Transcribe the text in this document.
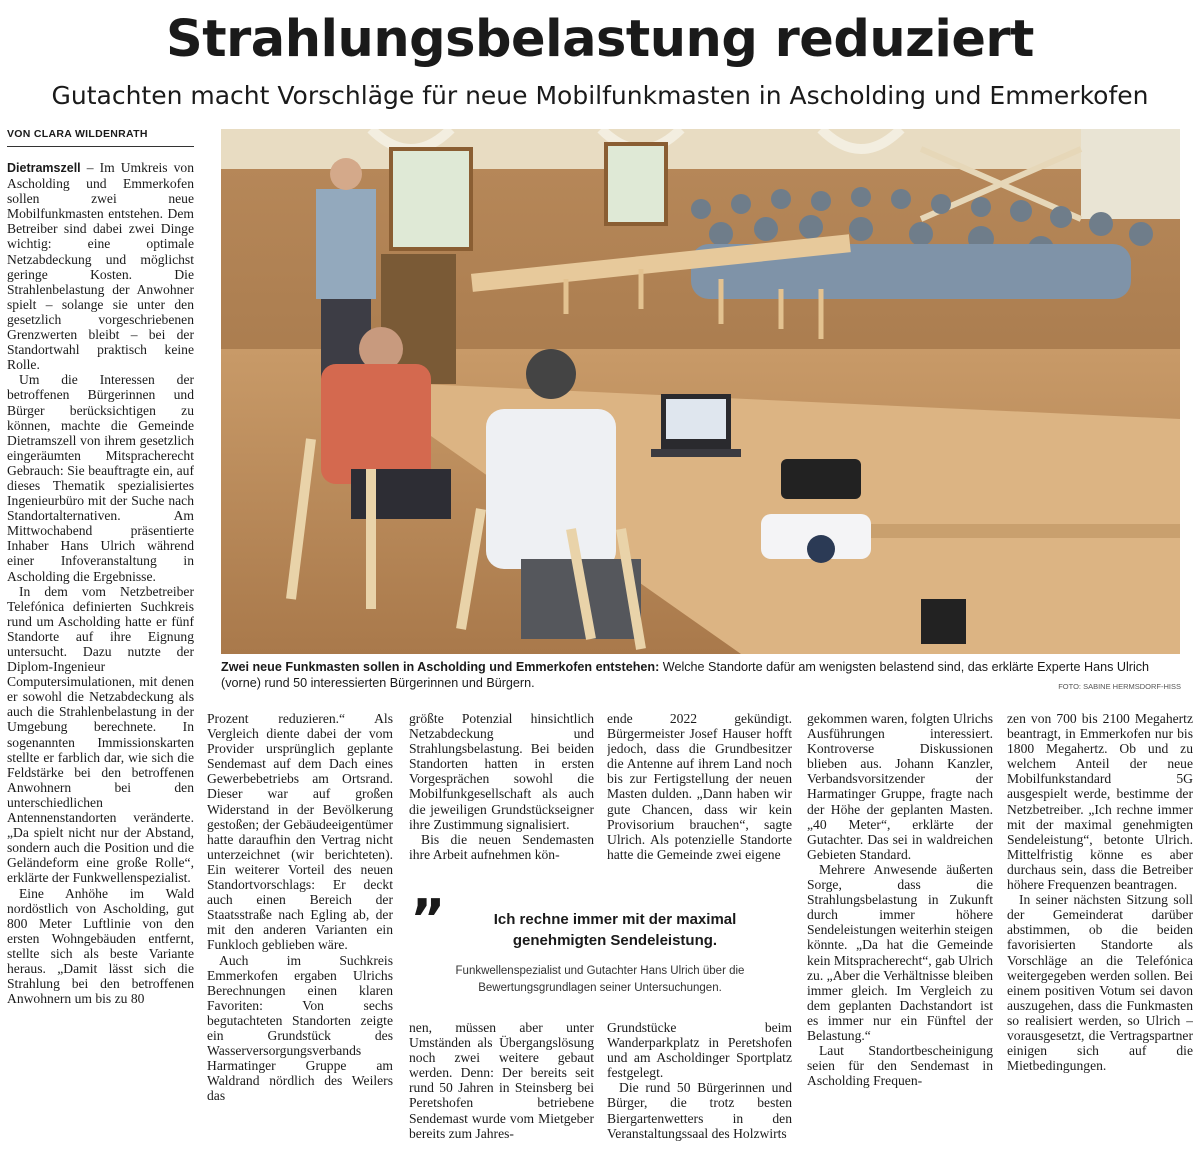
Strahlungsbelastung reduziert
Gutachten macht Vorschläge für neue Mobilfunkmasten in Ascholding und Emmerkofen
VON CLARA WILDENRATH

Dietramszell – Im Umkreis von Ascholding und Emmerkofen sollen zwei neue Mobilfunkmasten entstehen. Dem Betreiber sind dabei zwei Dinge wichtig: eine optimale Netzabdeckung und möglichst geringe Kosten. Die Strahlenbelastung der Anwohner spielt – solange sie unter den gesetzlich vorgeschriebenen Grenzwerten bleibt – bei der Standortwahl praktisch keine Rolle.

Um die Interessen der betroffenen Bürgerinnen und Bürger berücksichtigen zu können, machte die Gemeinde Dietramszell von ihrem gesetzlich eingeräumten Mitspracherecht Gebrauch: Sie beauftragte ein, auf dieses Thematik spezialisiertes Ingenieurbüro mit der Suche nach Standortalternativen. Am Mittwochabend präsentierte Inhaber Hans Ulrich während einer Infoveranstaltung in Ascholding die Ergebnisse.

In dem vom Netzbetreiber Telefónica definierten Suchkreis rund um Ascholding hatte er fünf Standorte auf ihre Eignung untersucht. Dazu nutzte der Diplom-Ingenieur Computersimulationen, mit denen er sowohl die Netzabdeckung als auch die Strahlenbelastung in der Umgebung berechnete. In sogenannten Immissionskarten stellte er farblich dar, wie sich die Feldstärke bei den betroffenen Anwohnern bei den unterschiedlichen Antennenstandorten veränderte. „Da spielt nicht nur der Abstand, sondern auch die Position und die Geländeform eine große Rolle“, erklärte der Funkwellenspezialist.

Eine Anhöhe im Wald nordöstlich von Ascholding, gut 800 Meter Luftlinie von den ersten Wohngebäuden entfernt, stellte sich als beste Variante heraus. „Damit lässt sich die Strahlung bei den betroffenen Anwohnern um bis zu 80

Zwei neue Funkmasten sollen in Ascholding und Emmerkofen entstehen: Welche Standorte dafür am wenigsten belastend sind, das erklärte Experte Hans Ulrich (vorne) rund 50 interessierten Bürgerinnen und Bürgern.	FOTO: SABINE HERMSDORF-HISS

Prozent reduzieren.“ Als Vergleich diente dabei der vom Provider ursprünglich geplante Sendemast auf dem Dach eines Gewerbebetriebs am Ortsrand. Dieser war auf großen Widerstand in der Bevölkerung gestoßen; der Gebäudeeigentümer hatte daraufhin den Vertrag nicht unterzeichnet (wir berichteten). Ein weiterer Vorteil des neuen Standortvorschlags: Er deckt auch einen Bereich der Staatsstraße nach Egling ab, der mit den anderen Varianten ein Funkloch geblieben wäre.

Auch im Suchkreis Emmerkofen ergaben Ulrichs Berechnungen einen klaren Favoriten: Von sechs begutachteten Standorten zeigte ein Grundstück des Wasserversorgungsverbands Harmatinger Gruppe am Waldrand nördlich des Weilers das

größte Potenzial hinsichtlich Netzabdeckung und Strahlungsbelastung. Bei beiden Standorten hatten in ersten Vorgesprächen sowohl die Mobilfunkgesellschaft als auch die jeweiligen Grundstückseigner ihre Zustimmung signalisiert.

Bis die neuen Sendemasten ihre Arbeit aufnehmen kön-

ende 2022 gekündigt. Bürgermeister Josef Hauser hofft jedoch, dass die Grundbesitzer die Antenne auf ihrem Land noch bis zur Fertigstellung der neuen Masten dulden. „Dann haben wir gute Chancen, dass wir kein Provisorium brauchen“, sagte Ulrich. Als potenzielle Standorte hatte die Gemeinde zwei eigene

”	Ich rechne immer mit der maximal genehmigten Sendeleistung.

Funkwellenspezialist und Gutachter Hans Ulrich über die Bewertungsgrundlagen seiner Untersuchungen.

nen, müssen aber unter Umständen als Übergangslösung noch zwei weitere gebaut werden. Denn: Der bereits seit rund 50 Jahren in Steinsberg bei Peretshofen betriebene Sendemast wurde vom Mietgeber bereits zum Jahres-

Grundstücke beim Wanderparkplatz in Peretshofen und am Ascholdinger Sportplatz festgelegt.

Die rund 50 Bürgerinnen und Bürger, die trotz besten Biergartenwetters in den Veranstaltungssaal des Holzwirts

gekommen waren, folgten Ulrichs Ausführungen interessiert. Kontroverse Diskussionen blieben aus. Johann Kanzler, Verbandsvorsitzender der Harmatinger Gruppe, fragte nach der Höhe der geplanten Masten. „40 Meter“, erklärte der Gutachter. Das sei in waldreichen Gebieten Standard.

Mehrere Anwesende äußerten Sorge, dass die Strahlungsbelastung in Zukunft durch immer höhere Sendeleistungen weiterhin steigen könnte. „Da hat die Gemeinde kein Mitspracherecht“, gab Ulrich zu. „Aber die Verhältnisse bleiben immer gleich. Im Vergleich zu dem geplanten Dachstandort ist es immer nur ein Fünftel der Belastung.“

Laut Standortbescheinigung seien für den Sendemast in Ascholding Frequen-

zen von 700 bis 2100 Megahertz beantragt, in Emmerkofen nur bis 1800 Megahertz. Ob und zu welchem Anteil der neue Mobilfunkstandard 5G ausgespielt werde, bestimme der Netzbetreiber. „Ich rechne immer mit der maximal genehmigten Sendeleistung“, betonte Ulrich. Mittelfristig könne es aber durchaus sein, dass die Betreiber höhere Frequenzen beantragen.

In seiner nächsten Sitzung soll der Gemeinderat darüber abstimmen, ob die beiden favorisierten Standorte als Vorschläge an die Telefónica weitergegeben werden sollen. Bei einem positiven Votum sei davon auszugehen, dass die Funkmasten so realisiert werden, so Ulrich – vorausgesetzt, die Vertragspartner einigen sich auf die Mietbedingungen.
